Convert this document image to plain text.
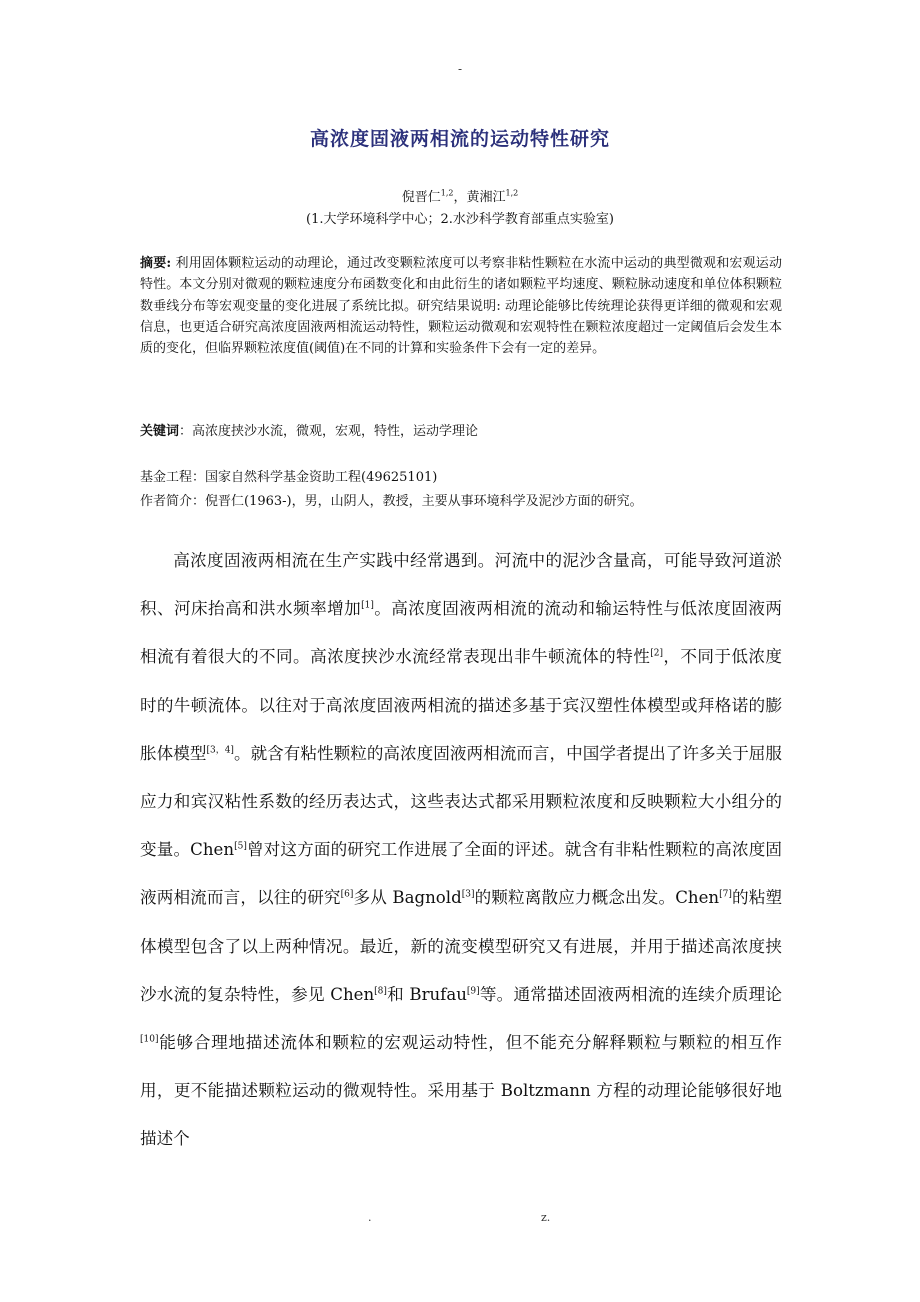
-
高浓度固液两相流的运动特性研究
倪晋仁$^{1,2}$，黄湘江$^{1,2}$
(1.大学环境科学中心；2.水沙科学教育部重点实验室)
摘要: 利用固体颗粒运动的动理论，通过改变颗粒浓度可以考察非粘性颗粒在水流中运动的典型微观和宏观运动特性。本文分别对微观的颗粒速度分布函数变化和由此衍生的诸如颗粒平均速度、颗粒脉动速度和单位体积颗粒数垂线分布等宏观变量的变化进展了系统比拟。研究结果说明: 动理论能够比传统理论获得更详细的微观和宏观信息，也更适合研究高浓度固液两相流运动特性，颗粒运动微观和宏观特性在颗粒浓度超过一定阈值后会发生本质的变化，但临界颗粒浓度值(阈值)在不同的计算和实验条件下会有一定的差异。
关键词：高浓度挟沙水流，微观，宏观，特性，运动学理论
基金工程：国家自然科学基金资助工程(49625101)
作者简介：倪晋仁(1963-)，男，山阴人，教授，主要从事环境科学及泥沙方面的研究。
高浓度固液两相流在生产实践中经常遇到。河流中的泥沙含量高，可能导致河道淤积、河床抬高和洪水频率增加[1]。高浓度固液两相流的流动和输运特性与低浓度固液两相流有着很大的不同。高浓度挟沙水流经常表现出非牛顿流体的特性[2]，不同于低浓度时的牛顿流体。以往对于高浓度固液两相流的描述多基于宾汉塑性体模型或拜格诺的膨胀体模型[3，4]。就含有粘性颗粒的高浓度固液两相流而言，中国学者提出了许多关于屈服应力和宾汉粘性系数的经历表达式，这些表达式都采用颗粒浓度和反映颗粒大小组分的变量。Chen[5]曾对这方面的研究工作进展了全面的评述。就含有非粘性颗粒的高浓度固液两相流而言，以往的研究[6]多从 Bagnold[3]的颗粒离散应力概念出发。Chen[7]的粘塑体模型包含了以上两种情况。最近，新的流变模型研究又有进展，并用于描述高浓度挟沙水流的复杂特性，参见 Chen[8]和 Brufau[9]等。通常描述固液两相流的连续介质理论[10]能够合理地描述流体和颗粒的宏观运动特性，但不能充分解释颗粒与颗粒的相互作用，更不能描述颗粒运动的微观特性。采用基于 Boltzmann 方程的动理论能够很好地描述个
.	z.
